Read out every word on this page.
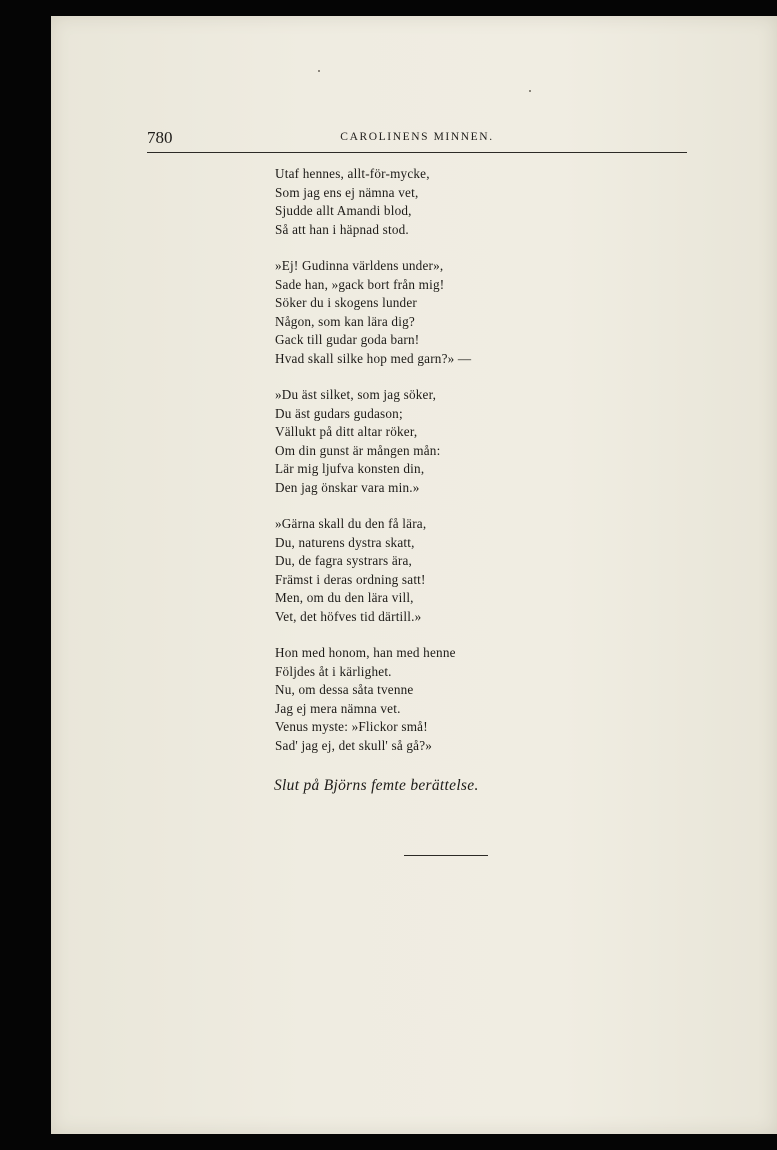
780	CAROLINENS MINNEN.
Utaf hennes, allt-för-mycke,
Som jag ens ej nämna vet,
Sjudde allt Amandi blod,
Så att han i häpnad stod.
»Ej! Gudinna världens under»,
Sade han, »gack bort från mig!
Söker du i skogens lunder
Någon, som kan lära dig?
Gack till gudar goda barn!
Hvad skall silke hop med garn?» —
»Du äst silket, som jag söker,
Du äst gudars gudason;
Vällukt på ditt altar röker,
Om din gunst är mången mån:
Lär mig ljufva konsten din,
Den jag önskar vara min.»
»Gärna skall du den få lära,
Du, naturens dystra skatt,
Du, de fagra systrars ära,
Främst i deras ordning satt!
Men, om du den lära vill,
Vet, det höfves tid därtill.»
Hon med honom, han med henne
Följdes åt i kärlighet.
Nu, om dessa såta tvenne
Jag ej mera nämna vet.
Venus myste: »Flickor små!
Sad' jag ej, det skull' så gå?»
Slut på Björns femte berättelse.
